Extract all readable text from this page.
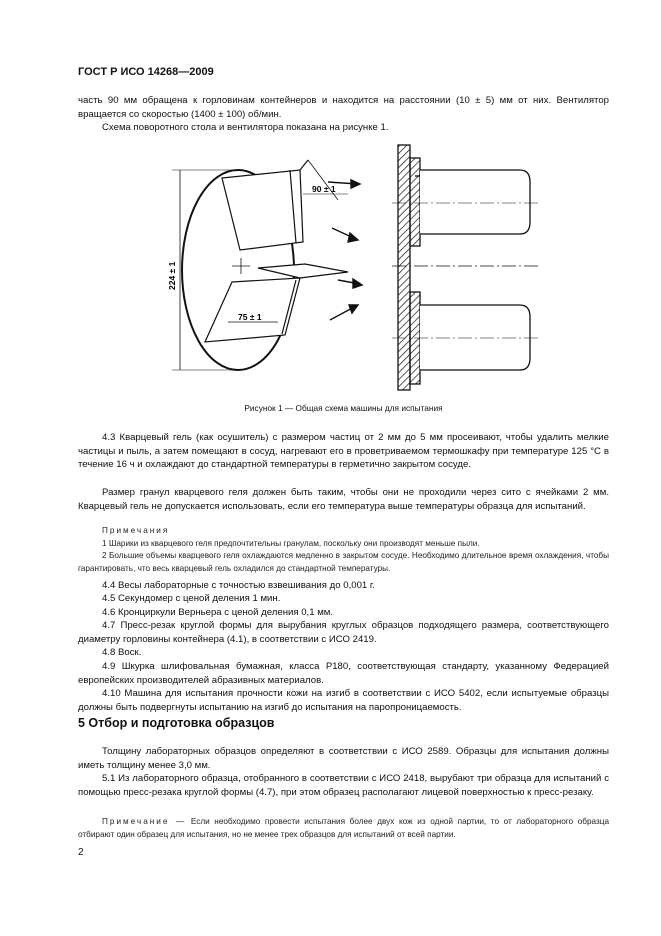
ГОСТ Р ИСО 14268—2009

часть 90 мм обращена к горловинам контейнеров и находится на расстоянии (10 ± 5) мм от них. Вентилятор вращается со скоростью (1400 ± 100) об/мин.

Схема поворотного стола и вентилятора показана на рисунке 1.

90 ± 1
224 ± 1
75 ± 1
Рисунок 1 — Общая схема машины для испытания

4.3 Кварцевый гель (как осушитель) с размером частиц от 2 мм до 5 мм просеивают, чтобы удалить мелкие частицы и пыль, а затем помещают в сосуд, нагревают его в проветриваемом термошкафу при температуре 125 °С в течение 16 ч и охлаждают до стандартной температуры в герметично закрытом сосуде.

Размер гранул кварцевого геля должен быть таким, чтобы они не проходили через сито с ячейками 2 мм. Кварцевый гель не допускается использовать, если его температура выше температуры образца для испытаний.

Примечания

1 Шарики из кварцевого геля предпочтительны гранулам, поскольку они производят меньше пыли.

2 Большие объемы кварцевого геля охлаждаются медленно в закрытом сосуде. Необходимо длительное время охлаждения, чтобы гарантировать, что весь кварцевый гель охладился до стандартной температуры.

4.4 Весы лабораторные с точностью взвешивания до 0,001 г.

4.5 Секундомер с ценой деления 1 мин.

4.6 Кронциркули Верньера с ценой деления 0,1 мм.

4.7 Пресс-резак круглой формы для вырубания круглых образцов подходящего размера, соответствующего диаметру горловины контейнера (4.1), в соответствии с ИСО 2419.

4.8 Воск.

4.9 Шкурка шлифовальная бумажная, класса Р180, соответствующая стандарту, указанному Федерацией европейских производителей абразивных материалов.

4.10 Машина для испытания прочности кожи на изгиб в соответствии с ИСО 5402, если испытуемые образцы должны быть подвергнуты испытанию на изгиб до испытания на паропроницаемость.

5 Отбор и подготовка образцов

Толщину лабораторных образцов определяют в соответствии с ИСО 2589. Образцы для испытания должны иметь толщину менее 3,0 мм.

5.1 Из лабораторного образца, отобранного в соответствии с ИСО 2418, вырубают три образца для испытаний с помощью пресс-резака круглой формы (4.7), при этом образец располагают лицевой поверхностью к пресс-резаку.

Примечание — Если необходимо провести испытания более двух кож из одной партии, то от лабораторного образца отбирают один образец для испытания, но не менее трех образцов для испытаний от всей партии.

2
